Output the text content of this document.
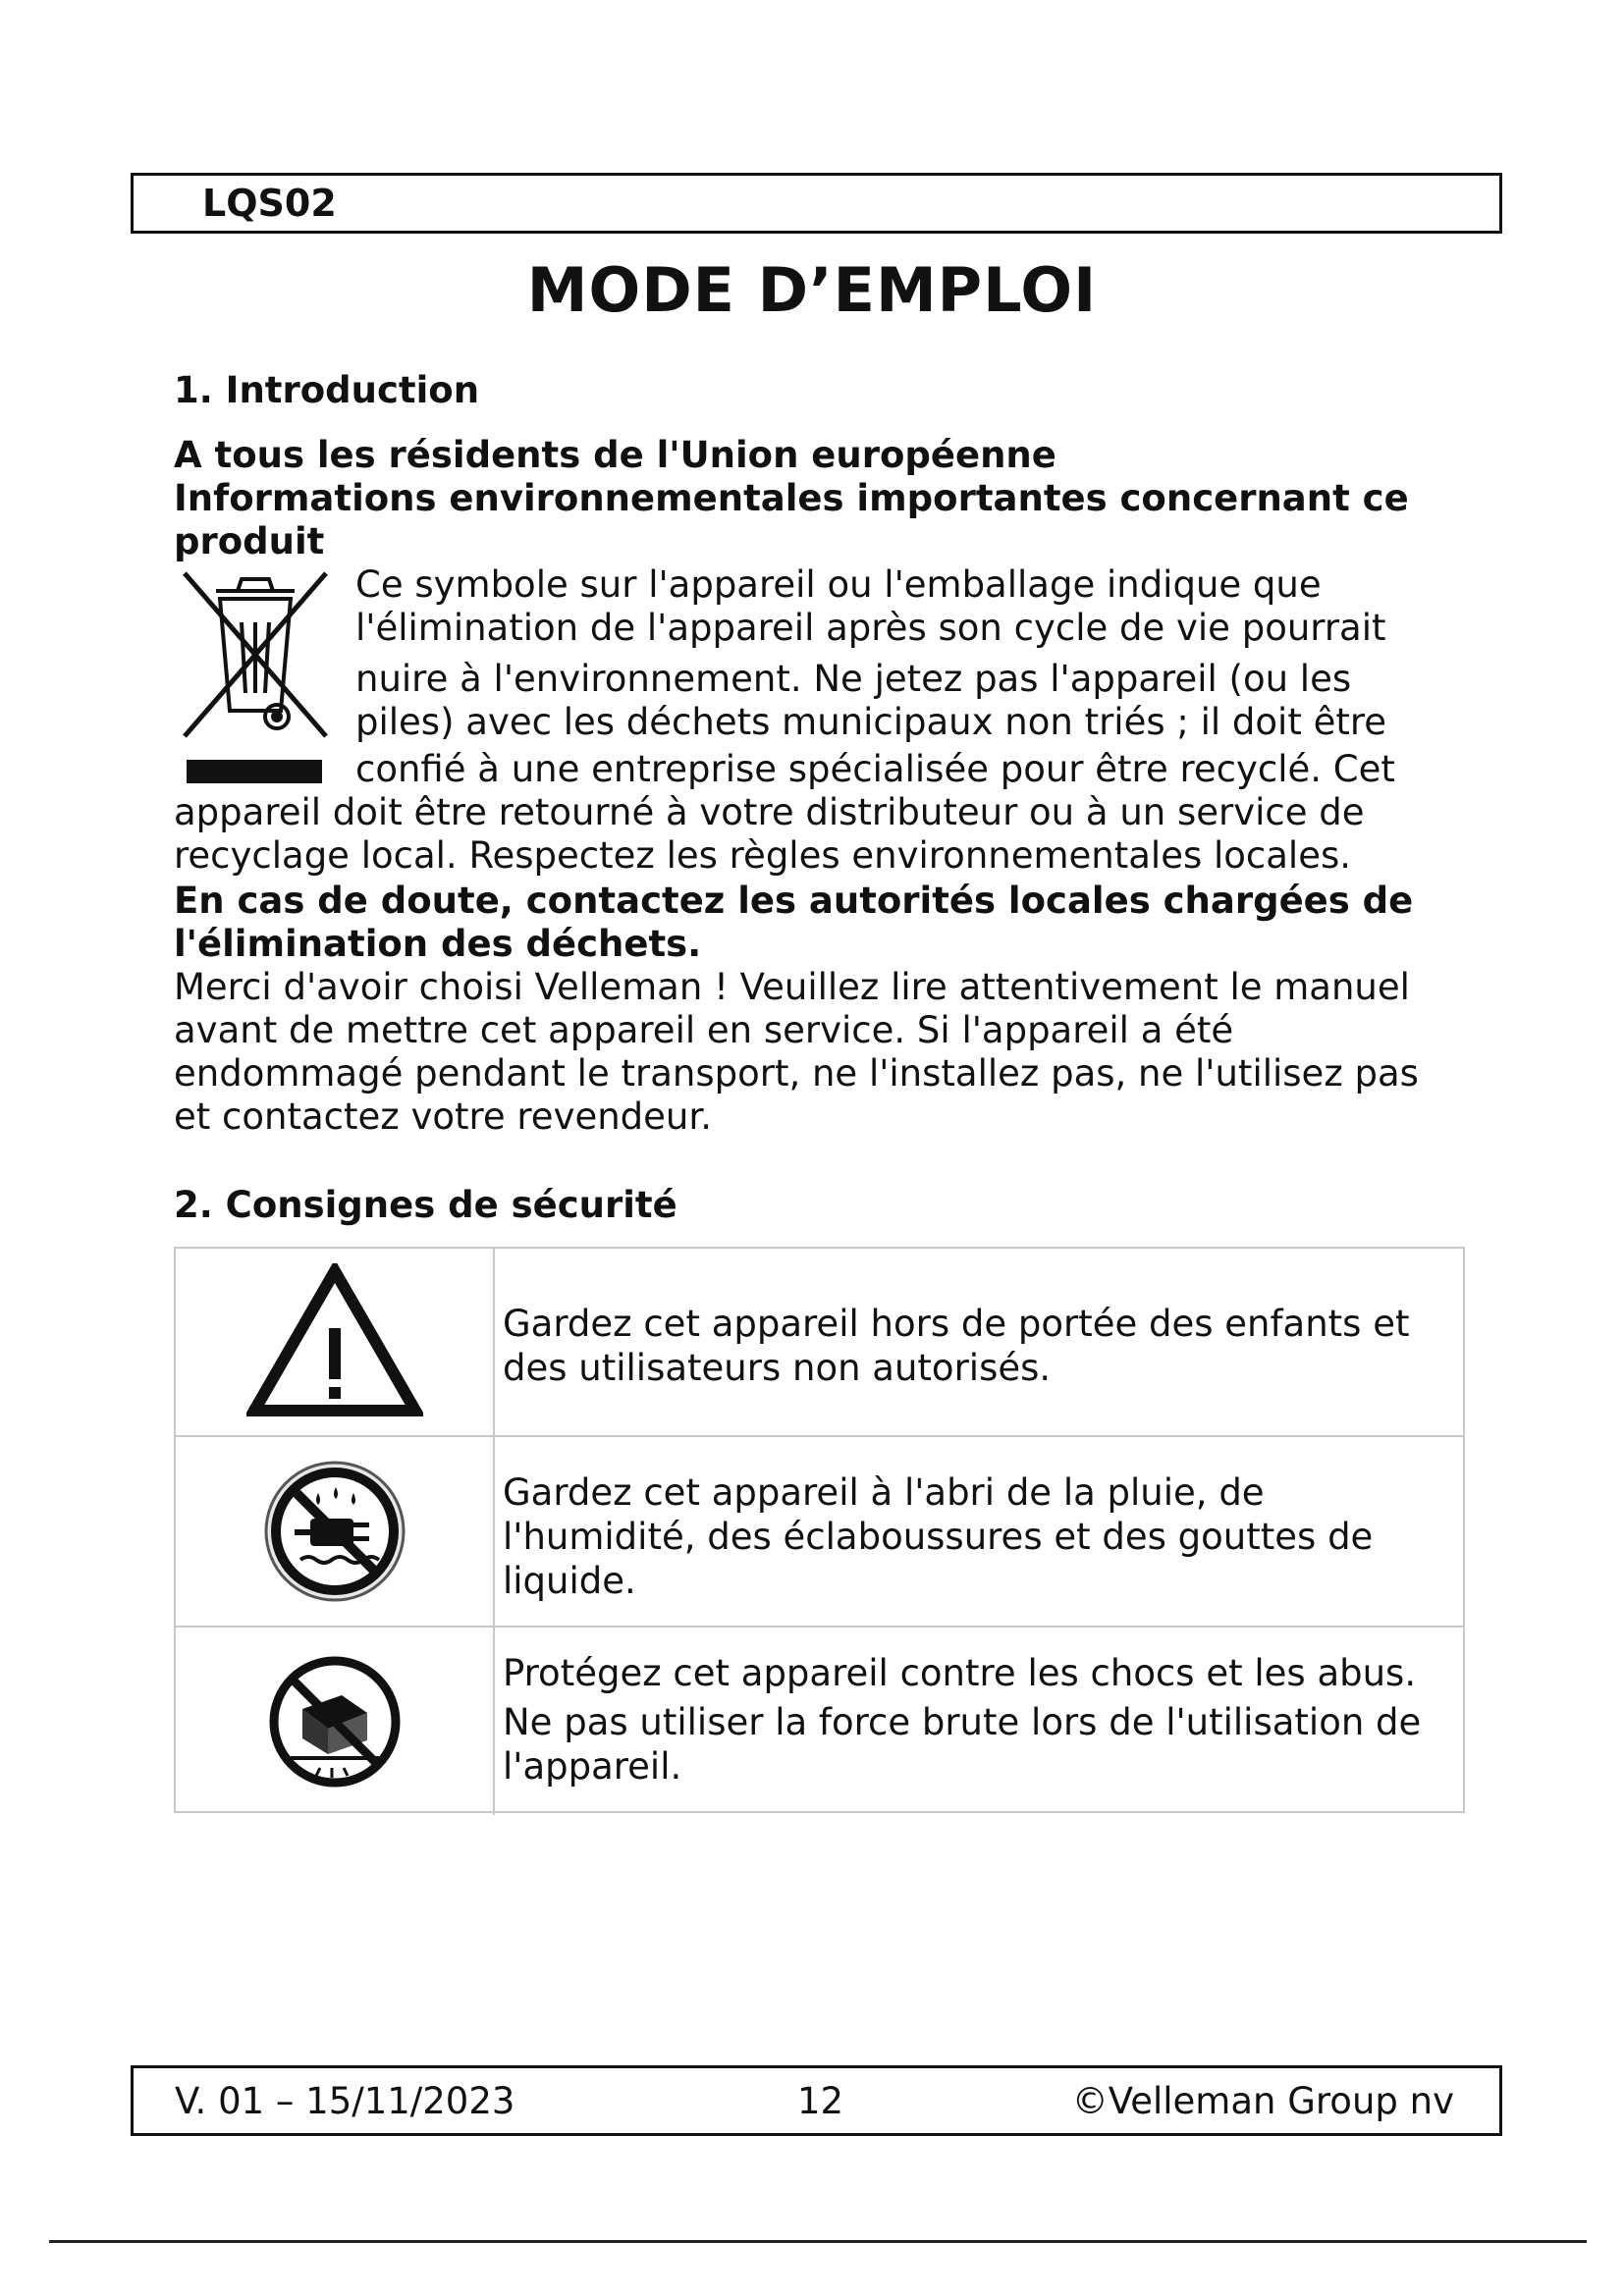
LQS02
MODE D’EMPLOI
1. Introduction
A tous les résidents de l'Union européenne
Informations environnementales importantes concernant ce
produit
Ce symbole sur l'appareil ou l'emballage indique que
l'élimination de l'appareil après son cycle de vie pourrait
nuire à l'environnement. Ne jetez pas l'appareil (ou les
piles) avec les déchets municipaux non triés ; il doit être
confié à une entreprise spécialisée pour être recyclé. Cet
appareil doit être retourné à votre distributeur ou à un service de
recyclage local. Respectez les règles environnementales locales.
En cas de doute, contactez les autorités locales chargées de
l'élimination des déchets.
Merci d'avoir choisi Velleman ! Veuillez lire attentivement le manuel
avant de mettre cet appareil en service. Si l'appareil a été
endommagé pendant le transport, ne l'installez pas, ne l'utilisez pas
et contactez votre revendeur.
2. Consignes de sécurité
Gardez cet appareil hors de portée des enfants et
des utilisateurs non autorisés.
Gardez cet appareil à l'abri de la pluie, de
l'humidité, des éclaboussures et des gouttes de
liquide.
Protégez cet appareil contre les chocs et les abus.
Ne pas utiliser la force brute lors de l'utilisation de
l'appareil.
V. 01 – 15/11/2023	12	©Velleman Group nv
